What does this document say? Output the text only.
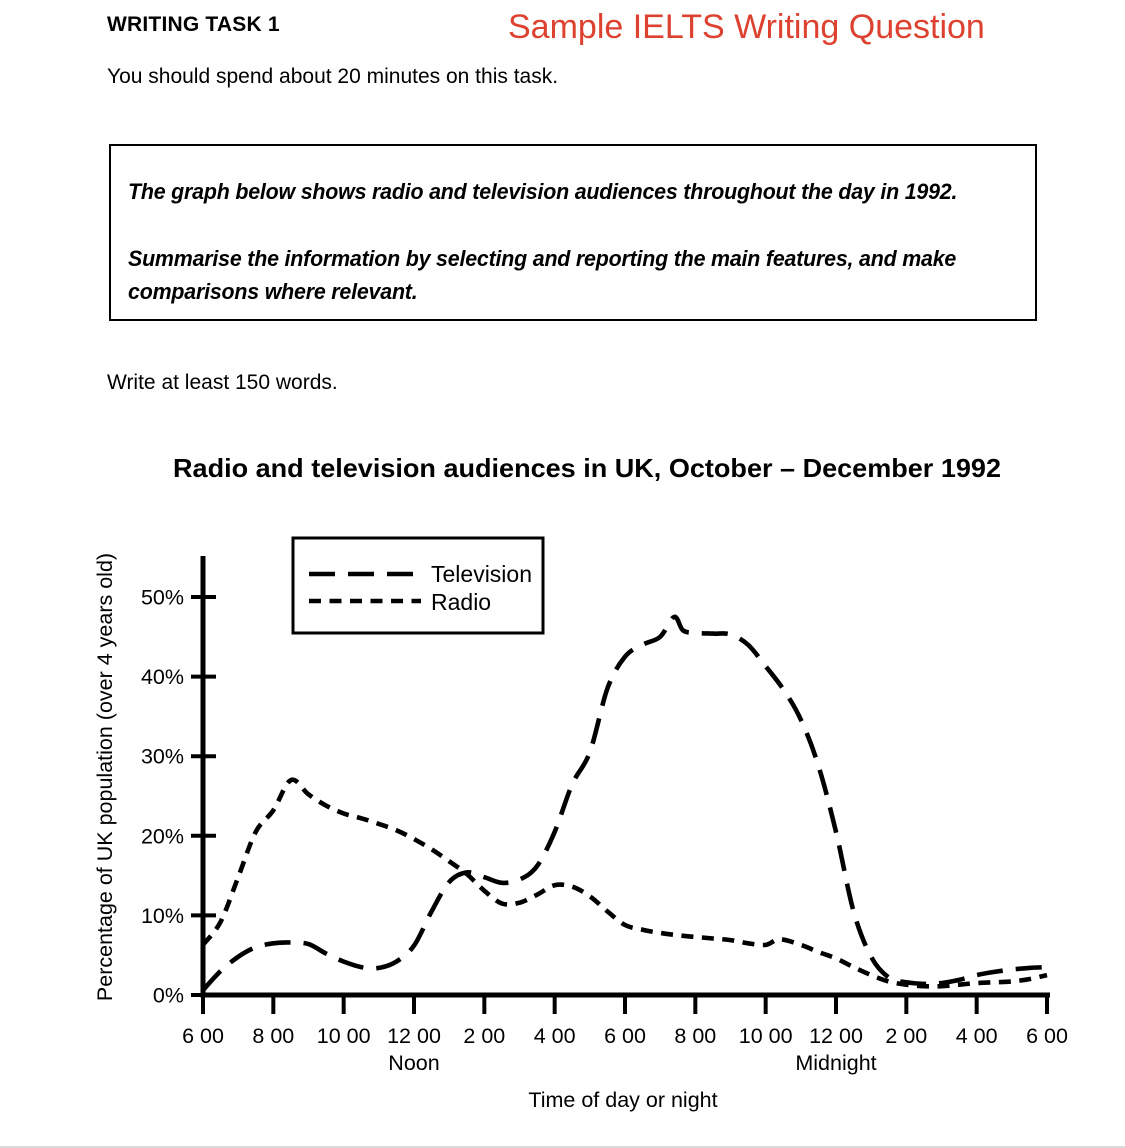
WRITING TASK 1	Sample IELTS Writing Question
You should spend about 20 minutes on this task.

The graph below shows radio and television audiences throughout the day in 1992.

Summarise the information by selecting and reporting the main features, and make comparisons where relevant.

Write at least 150 words.
Radio and television audiences in UK, October – December 1992
0%
10%
20%
30%
40%
50%
6 00 8 00 10 00 12 00 2 00 4 00 6 00 8 00 10 00 12 00 2 00 4 00 6 00
Percentage of UK population (over 4 years old)
Time of day or night
Noon	Midnight
Television
Radio
